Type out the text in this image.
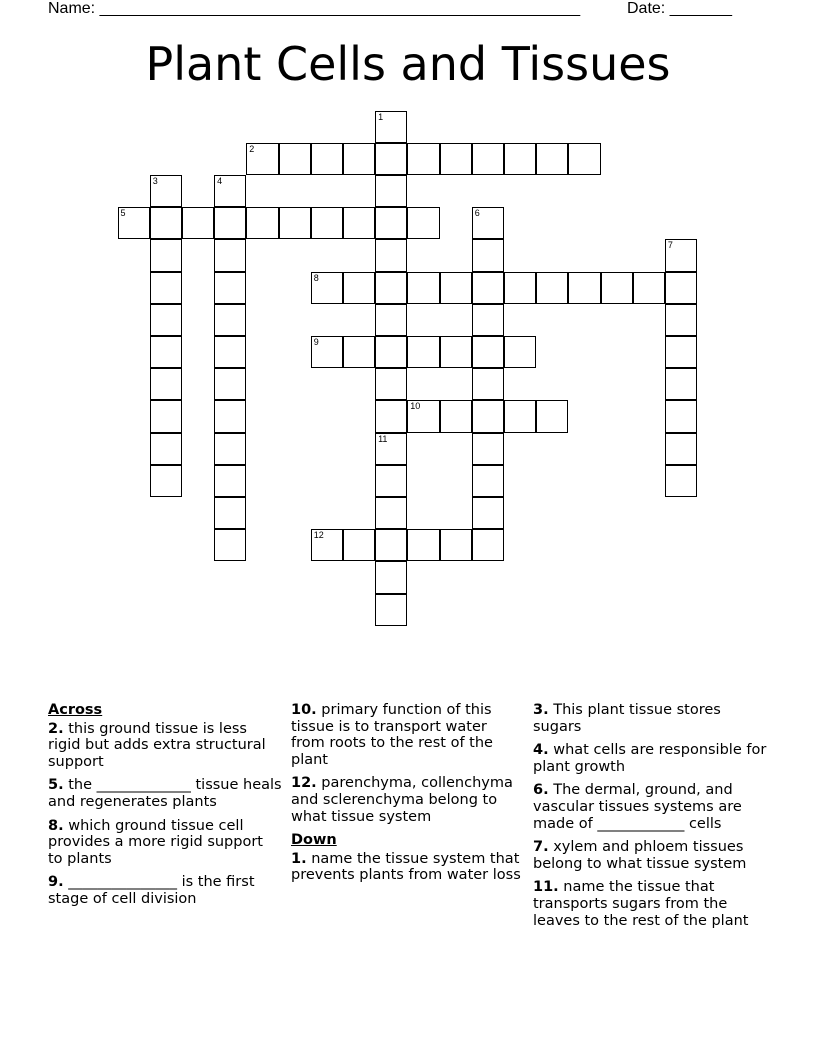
Name: ______________________________________________________	Date: _______
Plant Cells and Tissues
1
11
2
3	4
5	6
7
8
9
10
12
Across
2. this ground tissue is less rigid but adds extra structural support
5. the _____________ tissue heals and regenerates plants
8. which ground tissue cell provides a more rigid support to plants
9. _______________ is the first stage of cell division
10. primary function of this tissue is to transport water from roots to the rest of the plant
12. parenchyma, collenchyma and sclerenchyma belong to what tissue system
Down
1. name the tissue system that prevents plants from water loss
3. This plant tissue stores sugars
4. what cells are responsible for plant growth
6. The dermal, ground, and vascular tissues systems are made of ____________ cells
7. xylem and phloem tissues belong to what tissue system
11. name the tissue that transports sugars from the leaves to the rest of the plant
